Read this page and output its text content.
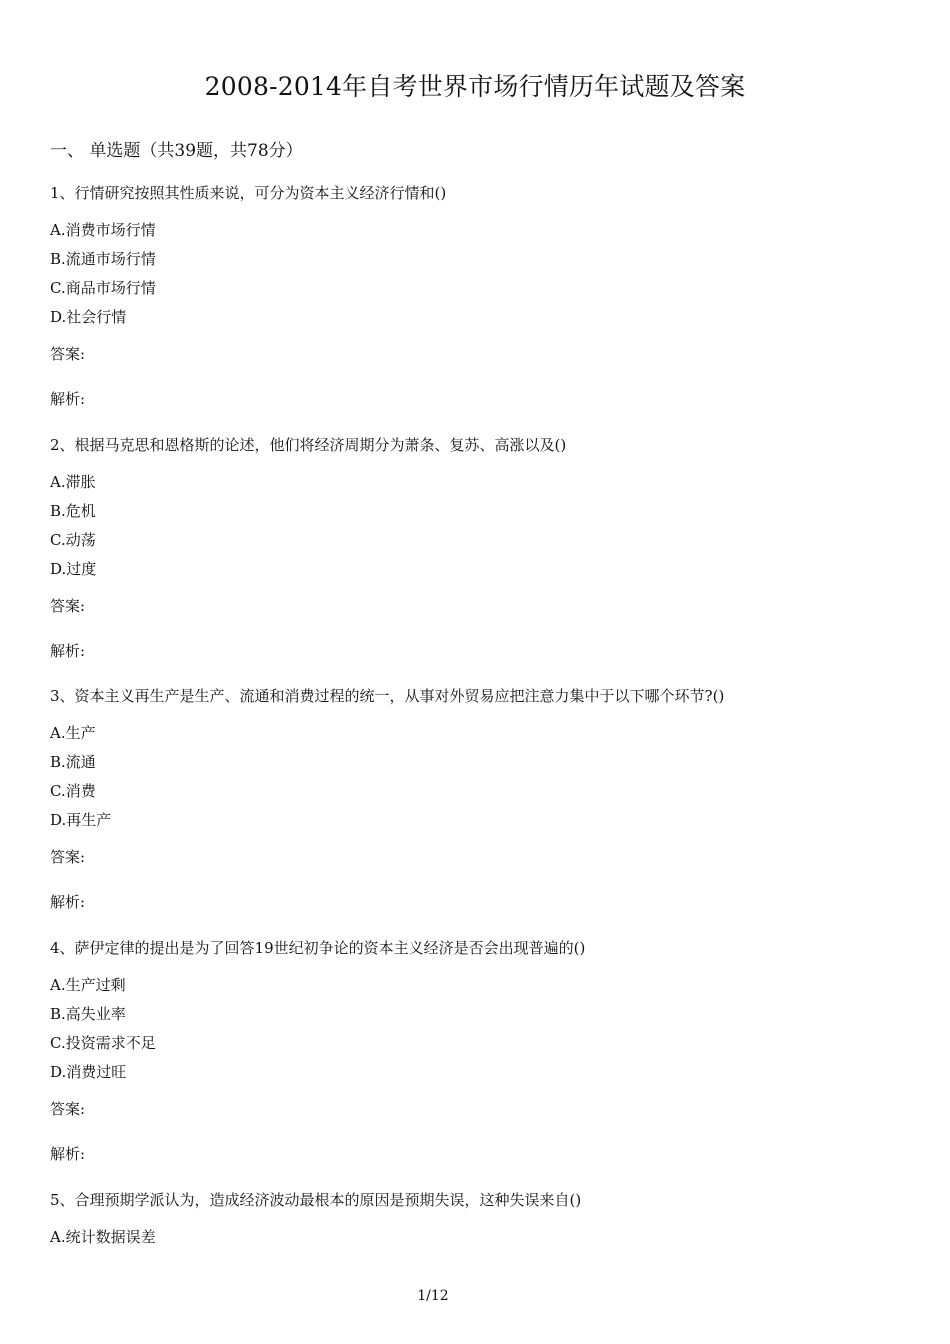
2008-2014年自考世界市场行情历年试题及答案
一、 单选题（共39题，共78分）
1、行情研究按照其性质来说，可分为资本主义经济行情和()
A.消费市场行情
B.流通市场行情
C.商品市场行情
D.社会行情
答案:
解析:
2、根据马克思和恩格斯的论述，他们将经济周期分为萧条、复苏、高涨以及()
A.滞胀
B.危机
C.动荡
D.过度
答案:
解析:
3、资本主义再生产是生产、流通和消费过程的统一，从事对外贸易应把注意力集中于以下哪个环节?()
A.生产
B.流通
C.消费
D.再生产
答案:
解析:
4、萨伊定律的提出是为了回答19世纪初争论的资本主义经济是否会出现普遍的()
A.生产过剩
B.高失业率
C.投资需求不足
D.消费过旺
答案:
解析:
5、合理预期学派认为，造成经济波动最根本的原因是预期失误，这种失误来自()
A.统计数据误差
1/12
